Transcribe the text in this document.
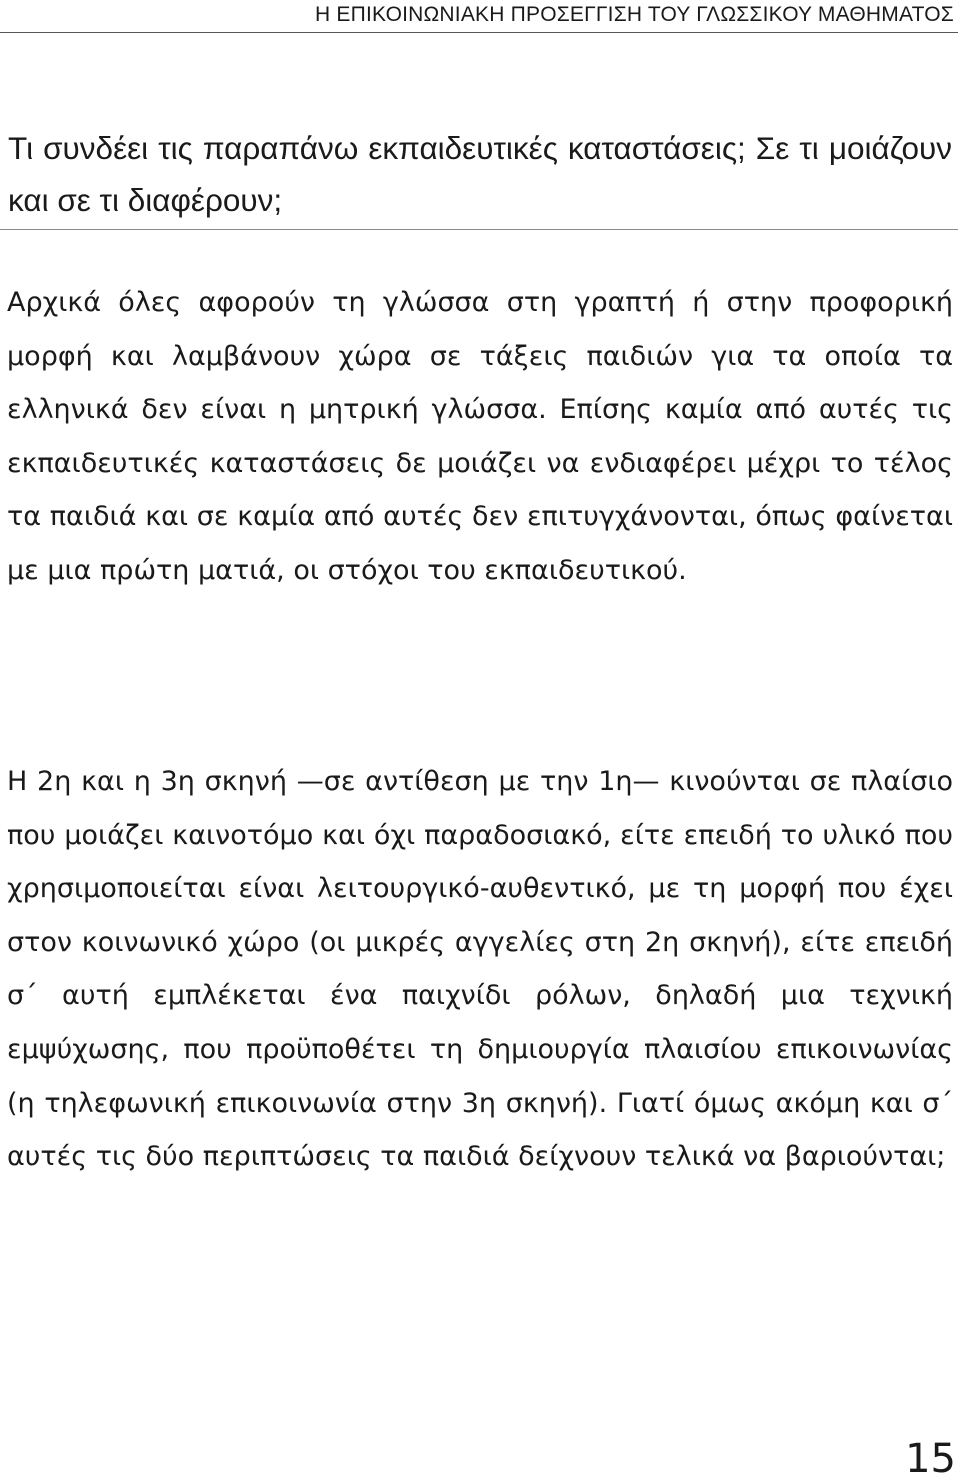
Η ΕΠΙΚΟΙΝΩΝΙΑΚΗ ΠΡΟΣΕΓΓΙΣΗ ΤΟΥ ΓΛΩΣΣΙΚΟΥ ΜΑΘΗΜΑΤΟΣ
Τι συνδέει τις παραπάνω εκπαιδευτικές καταστάσεις; Σε τι μοιάζουν και σε τι διαφέρουν;

Αρχικά όλες αφορούν τη γλώσσα στη γραπτή ή στην προφορική μορφή και λαμβάνουν χώρα σε τάξεις παιδιών για τα οποία τα ελληνικά δεν είναι η μητρική γλώσσα. Επίσης καμία από αυτές τις εκπαιδευτικές καταστάσεις δε μοιάζει να ενδιαφέρει μέχρι το τέλος τα παιδιά και σε καμία από αυτές δεν επιτυγχάνονται, όπως φαίνεται με μια πρώτη ματιά, οι στόχοι του εκπαιδευτικού.

Η 2η και η 3η σκηνή —σε αντίθεση με την 1η— κινούνται σε πλαίσιο που μοιάζει καινοτόμο και όχι παραδοσιακό, είτε επειδή το υλικό που χρησιμοποιείται είναι λειτουργικό-αυθεντικό, με τη μορφή που έχει στον κοινωνικό χώρο (οι μικρές αγγελίες στη 2η σκηνή), είτε επειδή σ΄ αυτή εμπλέκεται ένα παιχνίδι ρόλων, δηλαδή μια τεχνική εμψύχωσης, που προϋποθέτει τη δημιουργία πλαισίου επικοινωνίας (η τηλεφωνική επικοινωνία στην 3η σκηνή). Γιατί όμως ακόμη και σ΄ αυτές τις δύο περιπτώσεις τα παιδιά δείχνουν τελικά να βαριούνται;

15
